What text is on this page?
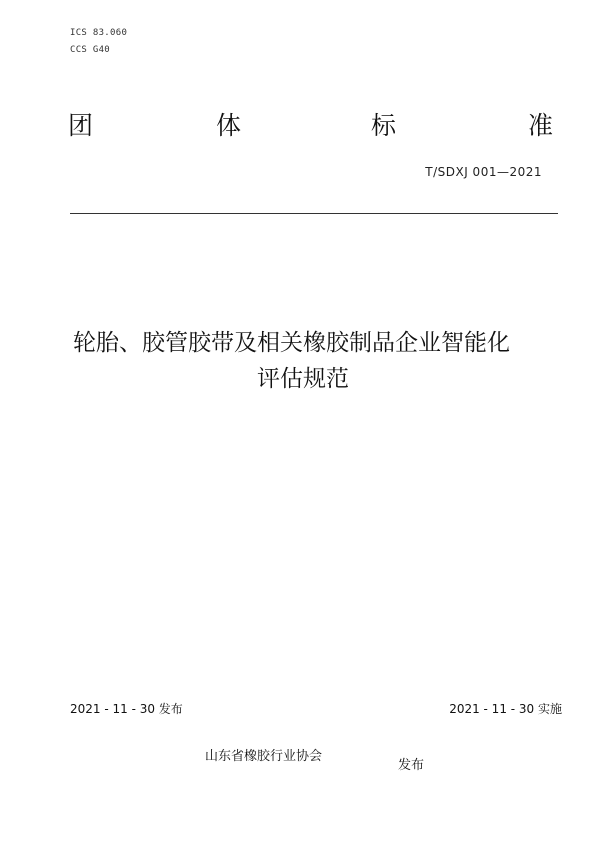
ICS 83.060
CCS G40
团	体	标	准
T/SDXJ 001—2021
轮胎、胶管胶带及相关橡胶制品企业智能化
评估规范
2021 - 11 - 30 发布	2021 - 11 - 30 实施
山东省橡胶行业协会
发布
